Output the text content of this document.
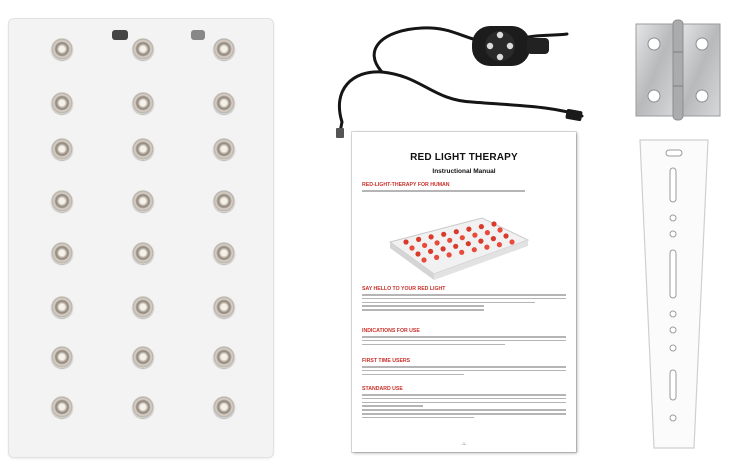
RED LIGHT THERAPY
Instructional Manual
RED-LIGHT-THERAPY FOR HUMAN
SAY HELLO TO YOUR RED LIGHT
INDICATIONS FOR USE
FIRST TIME USERS
STANDARD USE
-1-
